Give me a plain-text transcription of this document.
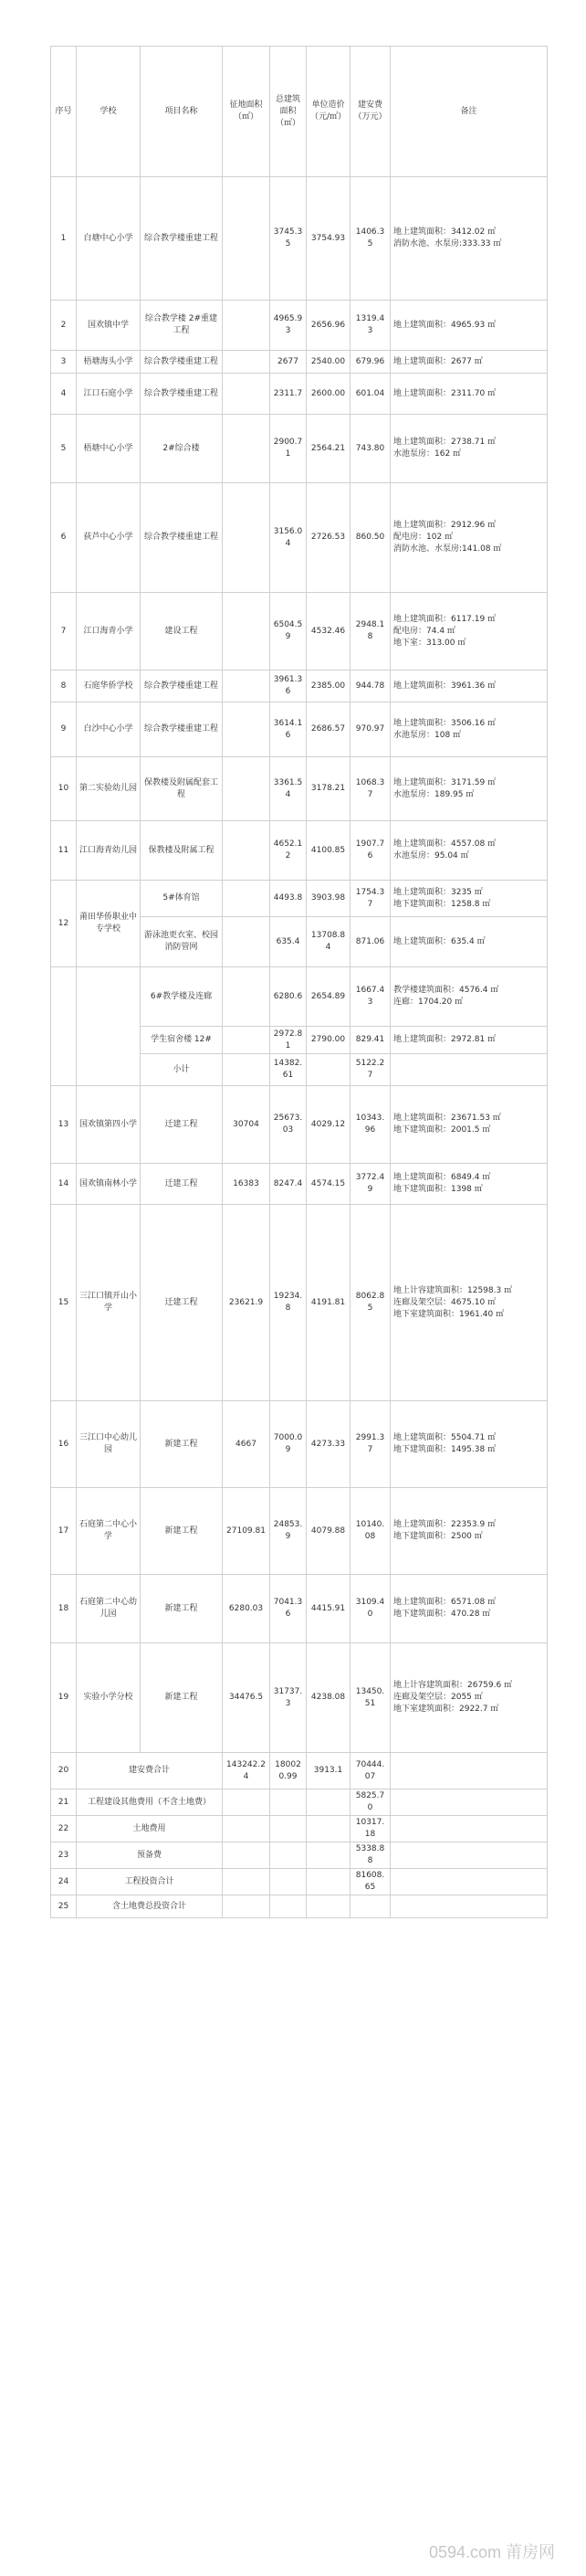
序号	学校	项目名称	征地面积（㎡）	总建筑面积（㎡）	单位造价（元/㎡）	建安费（万元）	备注
1	白塘中心小学	综合教学楼重建工程		3745.35	3754.93	1406.35	地上建筑面积：3412.02 ㎡
消防水池、水泵房:333.33 ㎡
2	国欢镇中学	综合教学楼 2#重建工程		4965.93	2656.96	1319.43	地上建筑面积：4965.93 ㎡
3	梧塘海头小学	综合教学楼重建工程		2677	2540.00	679.96	地上建筑面积：2677 ㎡
4	江口石庭小学	综合教学楼重建工程		2311.7	2600.00	601.04	地上建筑面积：2311.70 ㎡
5	梧塘中心小学	2#综合楼		2900.71	2564.21	743.80	地上建筑面积：2738.71 ㎡
水池泵房：162 ㎡
6	荻芦中心小学	综合教学楼重建工程		3156.04	2726.53	860.50	地上建筑面积：2912.96 ㎡
配电房：102 ㎡
消防水池、水泵房:141.08 ㎡
7	江口海青小学	建设工程		6504.59	4532.46	2948.18	地上建筑面积：6117.19 ㎡
配电房：74.4 ㎡
地下室：313.00 ㎡
8	石庭华侨学校	综合教学楼重建工程		3961.36	2385.00	944.78	地上建筑面积：3961.36 ㎡
9	白沙中心小学	综合教学楼重建工程		3614.16	2686.57	970.97	地上建筑面积：3506.16 ㎡
水池泵房：108 ㎡
10	第二实验幼儿园	保教楼及附属配套工程		3361.54	3178.21	1068.37	地上建筑面积：3171.59 ㎡
水池泵房：189.95 ㎡
11	江口海青幼儿园	保教楼及附属工程		4652.12	4100.85	1907.76	地上建筑面积：4557.08 ㎡
水池泵房：95.04 ㎡
12	莆田华侨职业中专学校	5#体育馆		4493.8	3903.98	1754.37	地上建筑面积：3235 ㎡
地下建筑面积：1258.8 ㎡
		游泳池更衣室、校园消防管网		635.4	13708.84	871.06	地上建筑面积：635.4 ㎡
		6#教学楼及连廊		6280.6	2654.89	1667.43	教学楼建筑面积：4576.4 ㎡
连廊：1704.20 ㎡
		学生宿舍楼 12#		2972.81	2790.00	829.41	地上建筑面积：2972.81 ㎡
		小计		14382.61		5122.27	
13	国欢镇第四小学	迁建工程	30704	25673.03	4029.12	10343.96	地上建筑面积：23671.53 ㎡
地下建筑面积：2001.5 ㎡
14	国欢镇南林小学	迁建工程	16383	8247.4	4574.15	3772.49	地上建筑面积：6849.4 ㎡
地下建筑面积：1398 ㎡
15	三江口镇开山小学	迁建工程	23621.9	19234.8	4191.81	8062.85	地上计容建筑面积：12598.3 ㎡
连廊及架空层：4675.10 ㎡
地下室建筑面积：1961.40 ㎡
16	三江口中心幼儿园	新建工程	4667	7000.09	4273.33	2991.37	地上建筑面积：5504.71 ㎡
地下建筑面积：1495.38 ㎡
17	石庭第二中心小学	新建工程	27109.81	24853.9	4079.88	10140.08	地上建筑面积：22353.9 ㎡
地下建筑面积：2500 ㎡
18	石庭第二中心幼儿园	新建工程	6280.03	7041.36	4415.91	3109.40	地上建筑面积：6571.08 ㎡
地下建筑面积：470.28 ㎡
19	实验小学分校	新建工程	34476.5	31737.3	4238.08	13450.51	地上计容建筑面积：26759.6 ㎡
连廊及架空层：2055 ㎡
地下室建筑面积：2922.7 ㎡
20	建安费合计		143242.24	180020.99	3913.1	70444.07	
21	工程建设其他费用（不含土地费）					5825.70	
22	土地费用					10317.18	
23	预备费					5338.88	
24	工程投资合计					81608.65	
25	含土地费总投资合计						
0594.com 莆房网
